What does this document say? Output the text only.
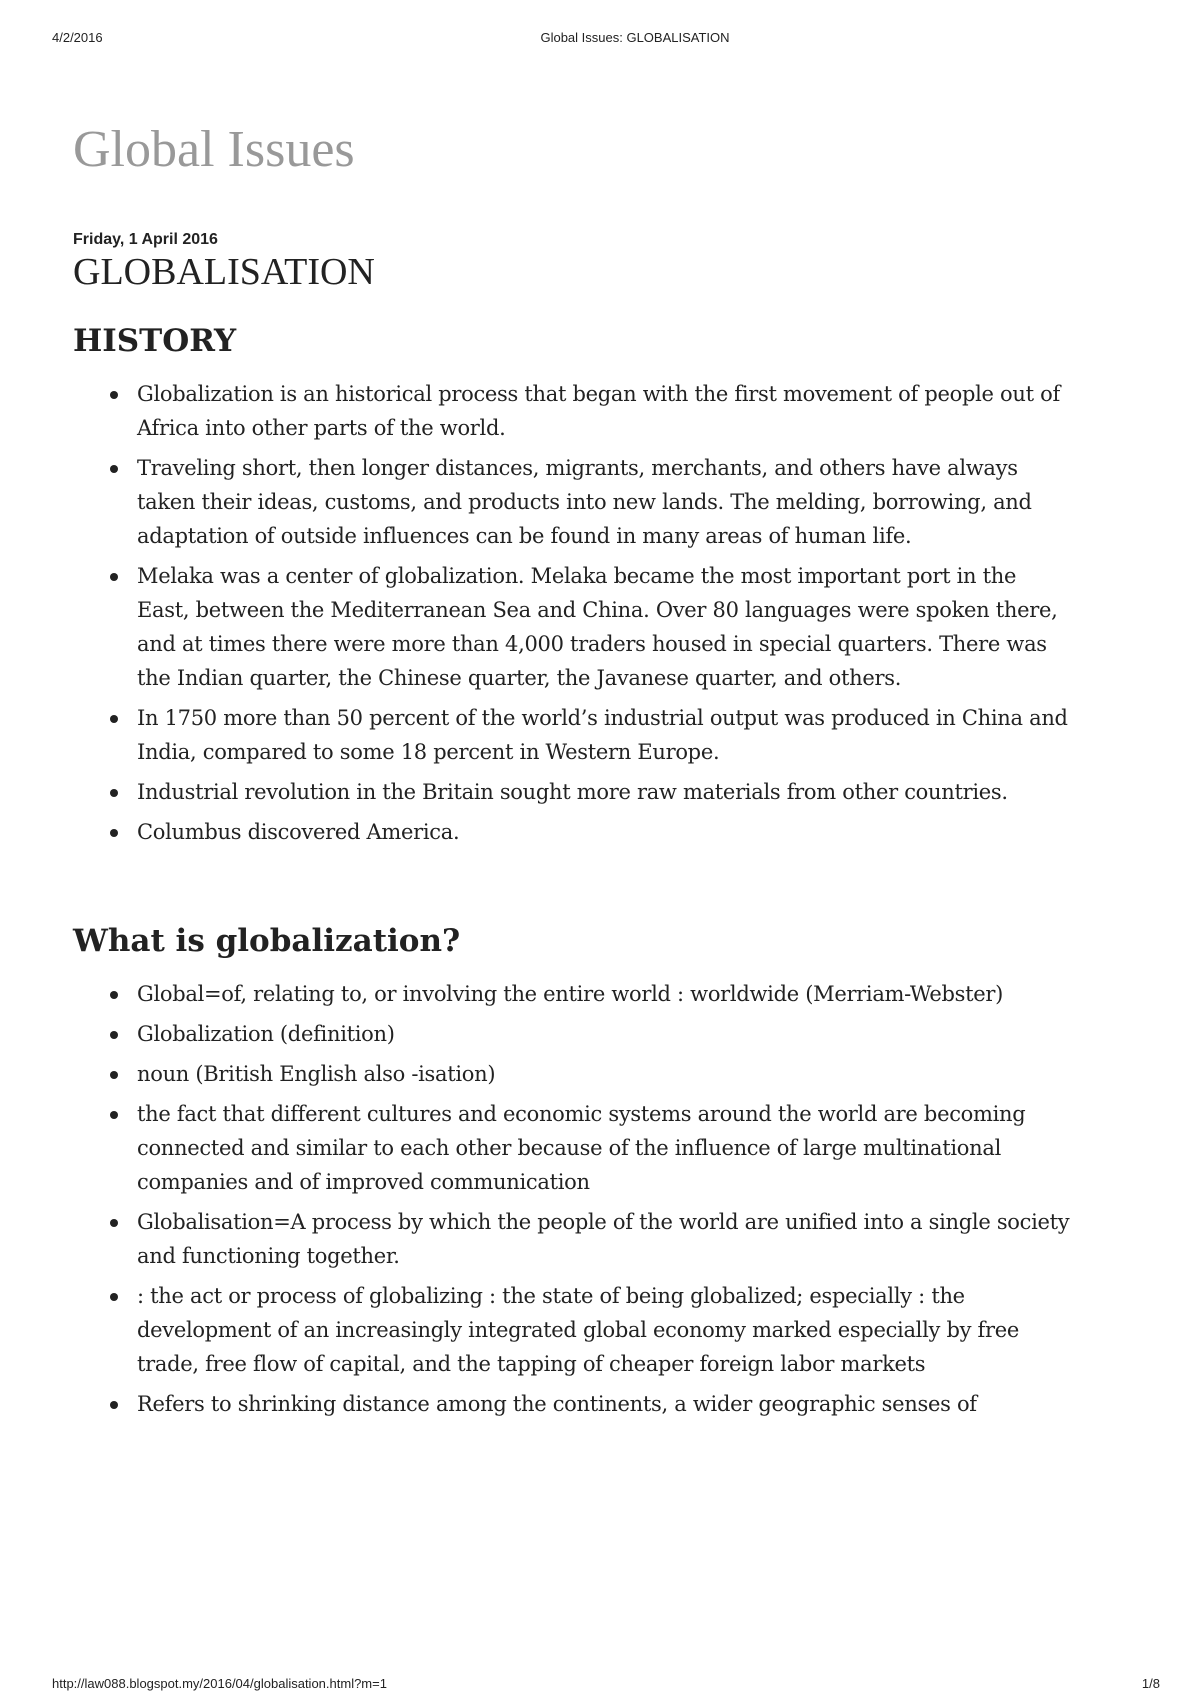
4/2/2016	Global Issues: GLOBALISATION
Global Issues
Friday, 1 April 2016
GLOBALISATION
HISTORY
Globalization is an historical process that began with the first movement of people out of Africa into other parts of the world.
Traveling short, then longer distances, migrants, merchants, and others have always taken their ideas, customs, and products into new lands. The melding, borrowing, and adaptation of outside influences can be found in many areas of human life.
Melaka was a center of globalization. Melaka became the most important port in the East, between the Mediterranean Sea and China. Over 80 languages were spoken there, and at times there were more than 4,000 traders housed in special quarters. There was the Indian quarter, the Chinese quarter, the Javanese quarter, and others.
In 1750 more than 50 percent of the world’s industrial output was produced in China and India, compared to some 18 percent in Western Europe.
Industrial revolution in the Britain sought more raw materials from other countries.
Columbus discovered America.
What is globalization?
Global=of, relating to, or involving the entire world : worldwide (Merriam-Webster)
Globalization (definition)
noun (British English also -isation)
the fact that different cultures and economic systems around the world are becoming connected and similar to each other because of the influence of large multinational companies and of improved communication
Globalisation=A process by which the people of the world are unified into a single society and functioning together.
: the act or process of globalizing : the state of being globalized; especially : the development of an increasingly integrated global economy marked especially by free trade, free flow of capital, and the tapping of cheaper foreign labor markets
Refers to shrinking distance among the continents, a wider geographic senses of
http://law088.blogspot.my/2016/04/globalisation.html?m=1	1/8
